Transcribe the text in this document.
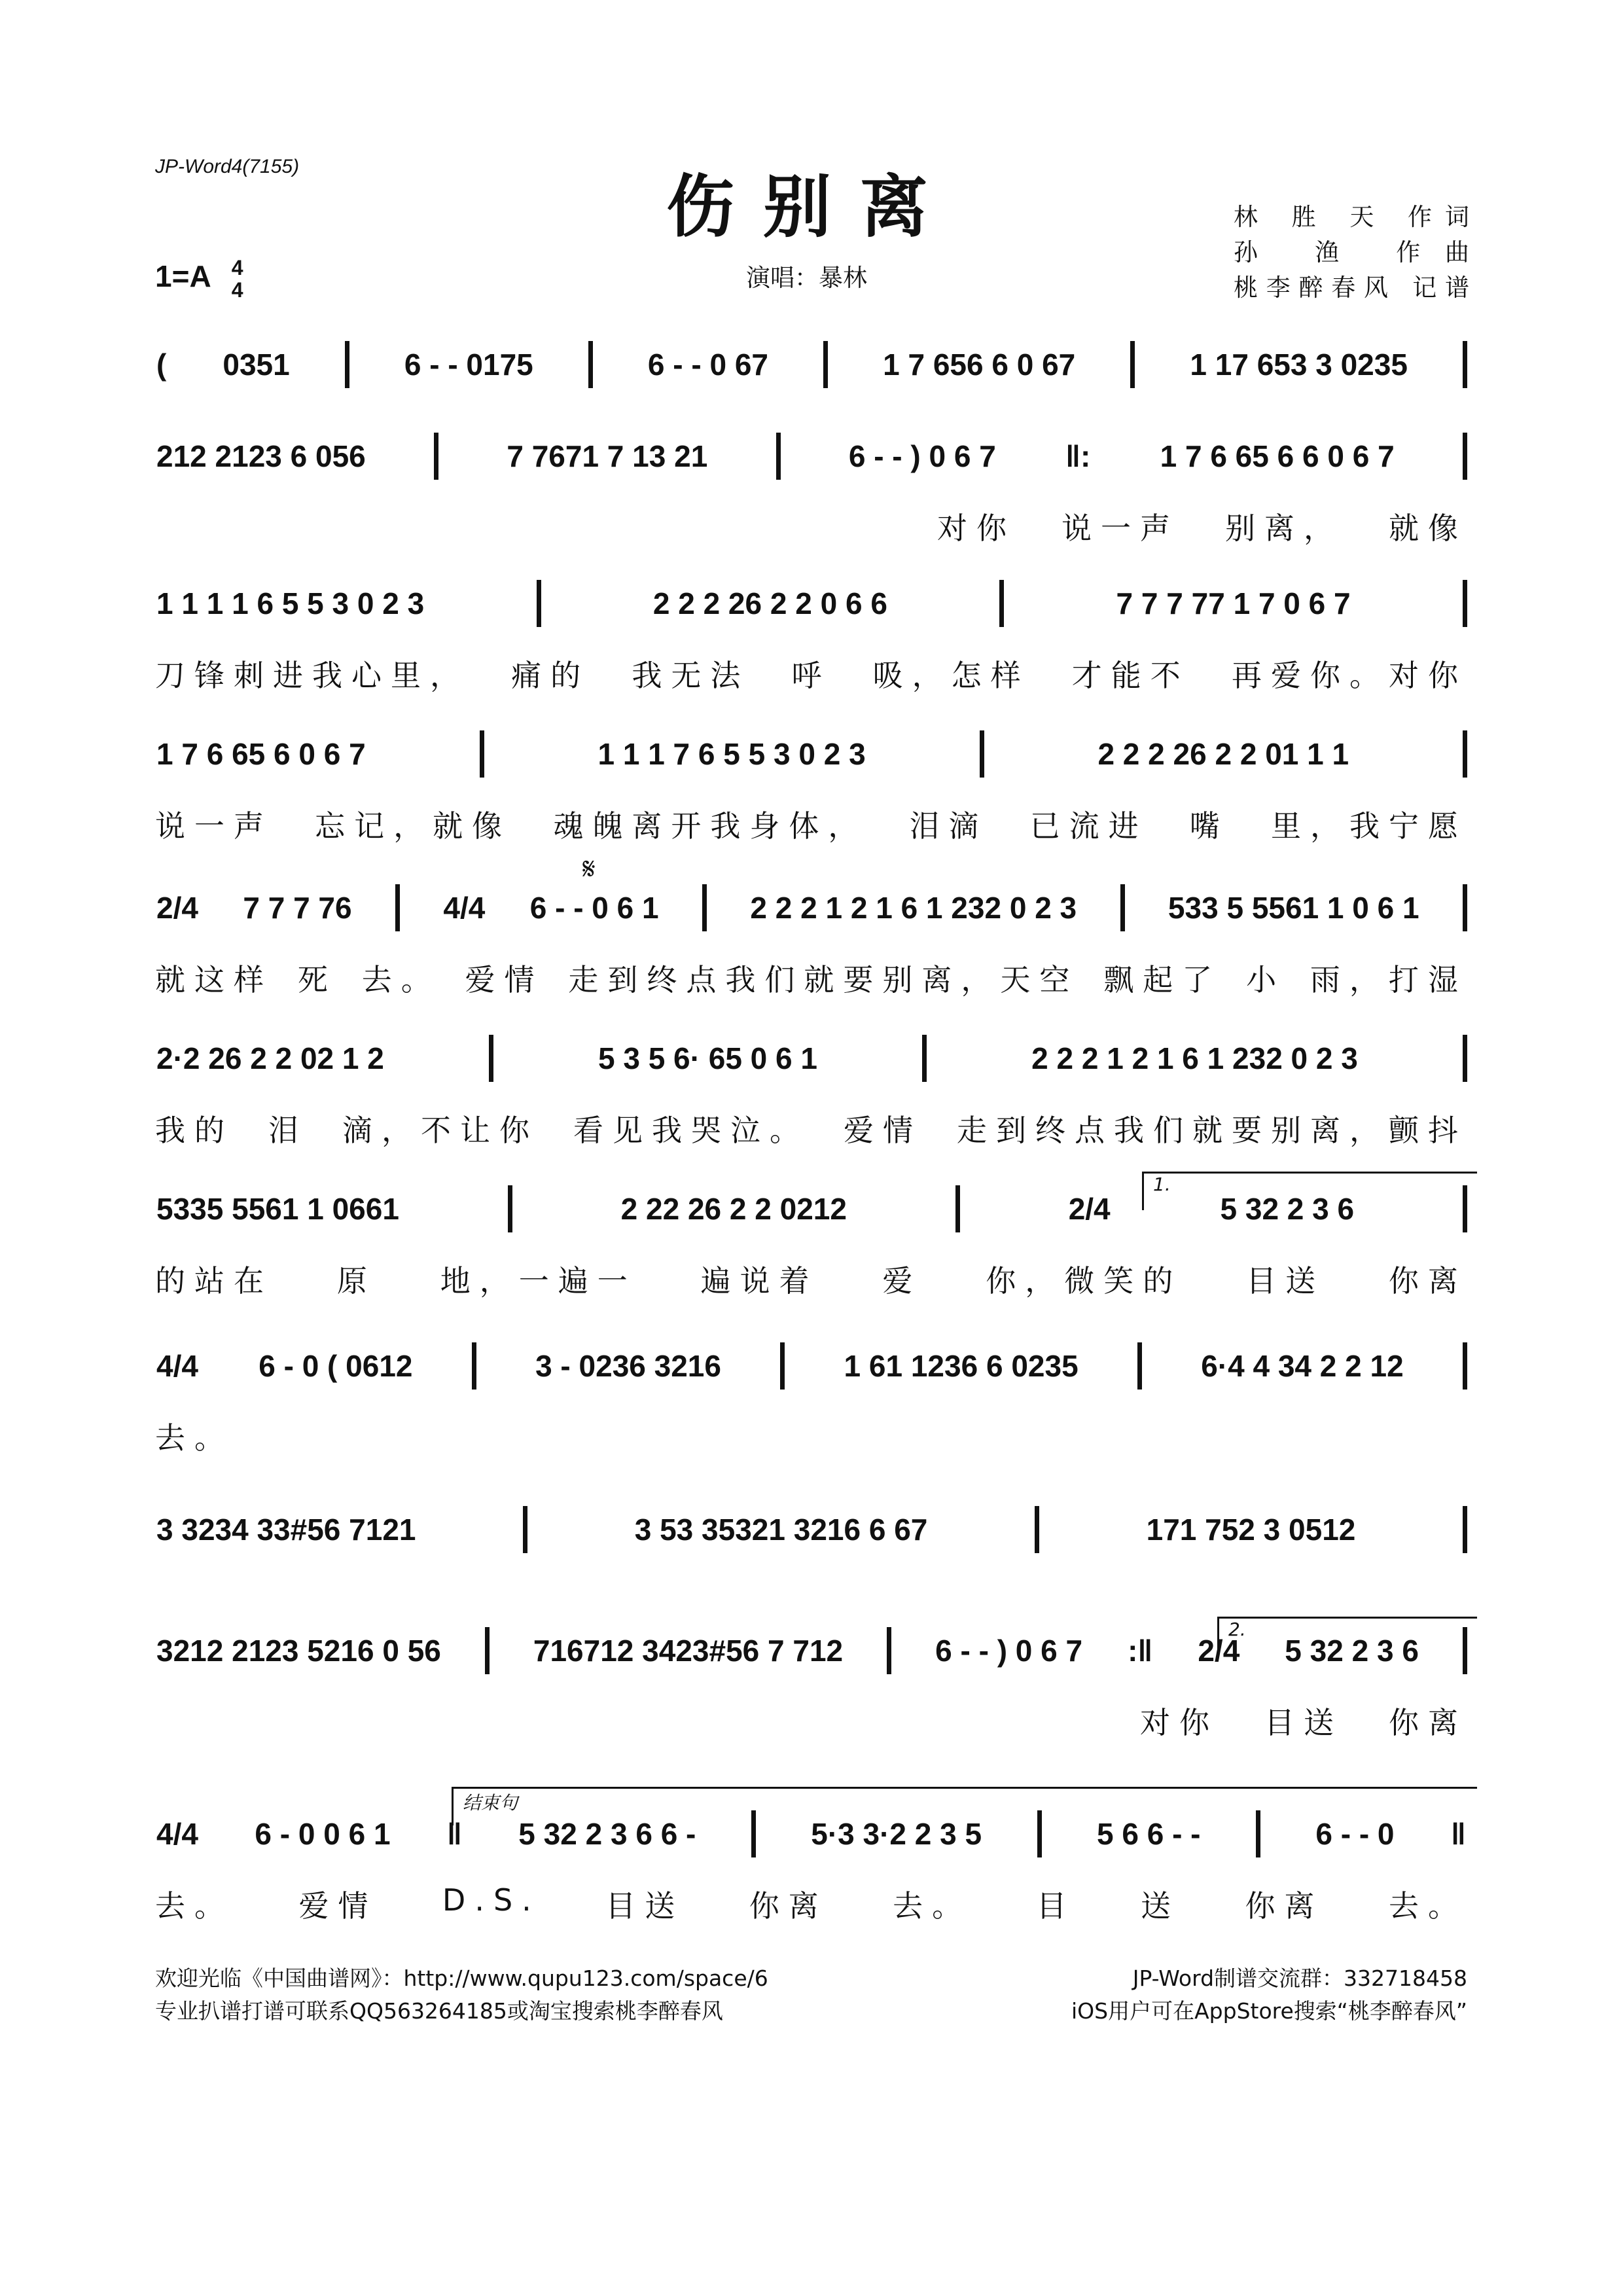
JP-Word4(7155)	伤别离	林 胜 天 作词
孙 渔 作曲
桃李醉春风 记谱
1=A 4
4	演唱：暴林
( 0351	6 - - 0175	6 - - 0 67	1 7 656 6 0 67	1 17 653 3 0235
212 2123 6 056	7 7671 7 13 21	6 - - ) 0 6 7 ‖: 1 7 6 65 6 6 0 6 7
对你 说一声 别离， 就像
1 1 1 1 6 5 5 3 0 2 3	2 2 2 26 2 2 0 6 6	7 7 7 77 1 7 0 6 7
刀锋刺进我心里， 痛的 我无法 呼 吸，怎样 才能不 再爱你。对你
1 7 6 65 6 0 6 7	1 1 1 7 6 5 5 3 0 2 3	2 2 2 26 2 2 01 1 1
说一声 忘记，就像 魂魄离开我身体， 泪滴 已流进 嘴 里，我宁愿
2/4 7 7 7 76	4/4 6 - - 0 6 1	2 2 2 1 2 1 6 1 232 0 2 3	533 5 5561 1 0 6 1
就这样 死 去。 爱情 走到终点我们就要别离，天空 飘起了 小 雨，打湿
2·2 26 2 2 02 1 2	5 3 5 6· 65 0 6 1	2 2 2 1 2 1 6 1 232 0 2 3
我的 泪 滴，不让你 看见我哭泣。 爱情 走到终点我们就要别离，颤抖
5335 5561 1 0661	2 22 26 2 2 0212	2/4	5 32 2 3 6
的站在 原 地，一遍一 遍说着 爱 你，微笑的 目送 你离
4/4 6 - 0 ( 0612	3 - 0236 3216	1 61 1236 6 0235	6·4 4 34 2 2 12
去。
3 3234 33#56 7121	3 53 35321 3216 6 67	171 752 3 0512
3212 2123 5216 0 56	716712 3423#56 7 712	6 - - ) 0 6 7 :‖ 2/4 5 32 2 3 6
对你 目送 你离
4/4 6 - 0 0 6 1 ‖ 5 32 2 3 6 6 -	5·3 3·2 2 3 5	5 6 6 - -	6 - - 0 ‖
去。 爱情 D.S. 目送 你离 去。 目 送 你离 去。
𝄋
1.
2.
结束句
欢迎光临《中国曲谱网》：http://www.qupu123.com/space/6	JP-Word制谱交流群：332718458
专业扒谱打谱可联系QQ563264185或淘宝搜索桃李醉春风	iOS用户可在AppStore搜索“桃李醉春风”
